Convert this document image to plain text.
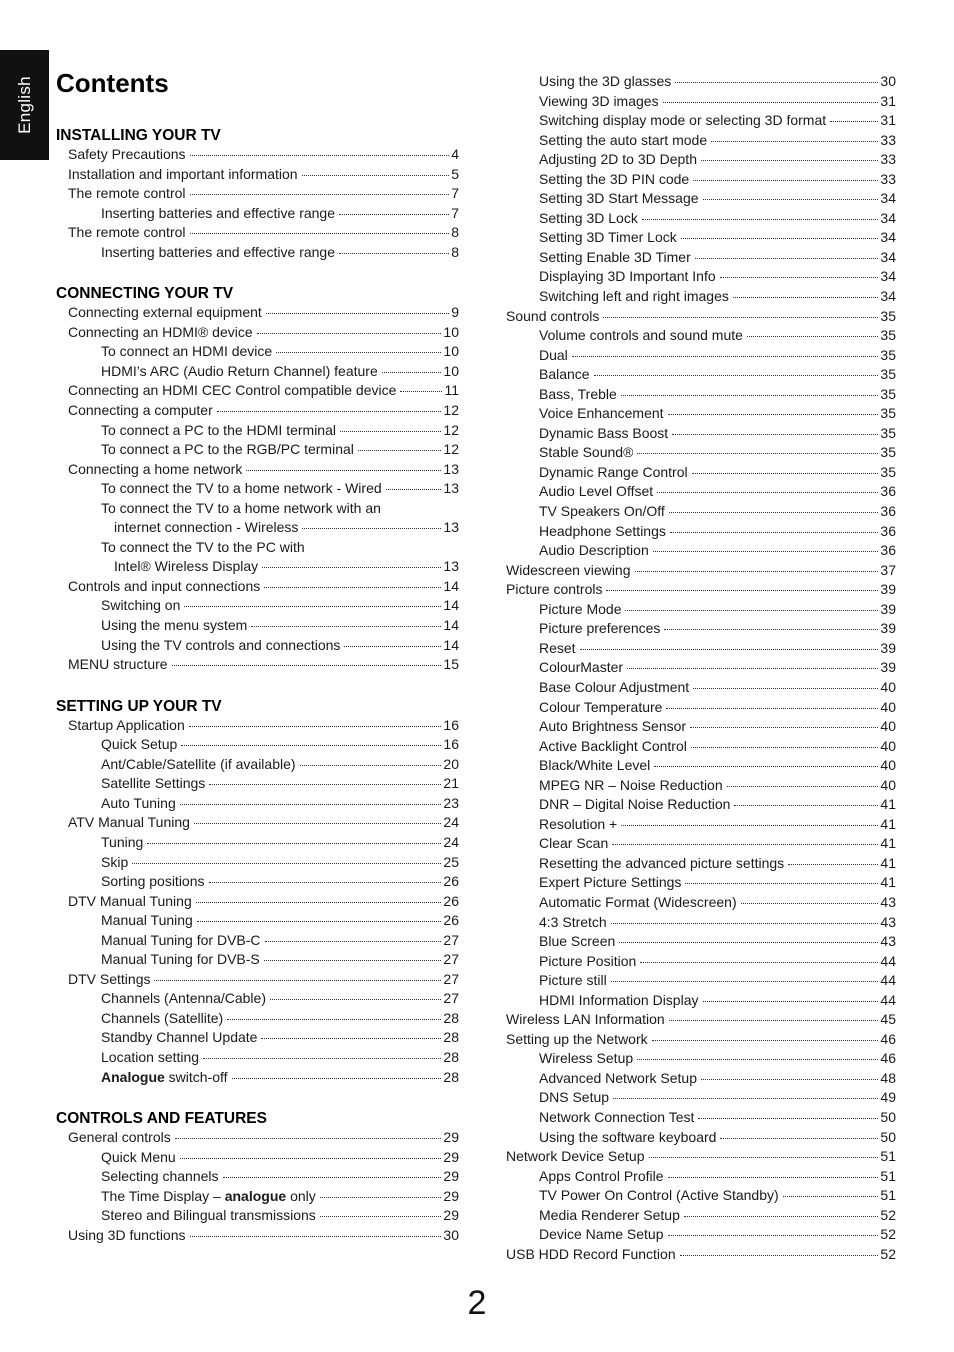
English Contents
INSTALLING YOUR TV
Safety Precautions	4
Installation and important information	5
The remote control	7
Inserting batteries and effective range	7
The remote control	8
Inserting batteries and effective range	8
CONNECTING YOUR TV
Connecting external equipment	9
Connecting an HDMI® device	10
To connect an HDMI device	10
HDMI’s ARC (Audio Return Channel) feature	10
Connecting an HDMI CEC Control compatible device	11
Connecting a computer	12
To connect a PC to the HDMI terminal	12
To connect a PC to the RGB/PC terminal	12
Connecting a home network	13
To connect the TV to a home network - Wired	13
To connect the TV to a home network with an
internet connection - Wireless	13
To connect the TV to the PC with
Intel® Wireless Display	13
Controls and input connections	14
Switching on	14
Using the menu system	14
Using the TV controls and connections	14
MENU structure	15
SETTING UP YOUR TV
Startup Application	16
Quick Setup	16
Ant/Cable/Satellite (if available)	20
Satellite Settings	21
Auto Tuning	23
ATV Manual Tuning	24
Tuning	24
Skip	25
Sorting positions	26
DTV Manual Tuning	26
Manual Tuning	26
Manual Tuning for DVB-C	27
Manual Tuning for DVB-S	27
DTV Settings	27
Channels (Antenna/Cable)	27
Channels (Satellite)	28
Standby Channel Update	28
Location setting	28
Analogue switch-off	28
CONTROLS AND FEATURES
General controls	29
Quick Menu	29
Selecting channels	29
The Time Display – analogue only	29
Stereo and Bilingual transmissions	29
Using 3D functions	30
Using the 3D glasses	30
Viewing 3D images	31
Switching display mode or selecting 3D format	31
Setting the auto start mode	33
Adjusting 2D to 3D Depth	33
Setting the 3D PIN code	33
Setting 3D Start Message	34
Setting 3D Lock	34
Setting 3D Timer Lock	34
Setting Enable 3D Timer	34
Displaying 3D Important Info	34
Switching left and right images	34
Sound controls	35
Volume controls and sound mute	35
Dual	35
Balance	35
Bass, Treble	35
Voice Enhancement	35
Dynamic Bass Boost	35
Stable Sound®	35
Dynamic Range Control	35
Audio Level Offset	36
TV Speakers On/Off	36
Headphone Settings	36
Audio Description	36
Widescreen viewing	37
Picture controls	39
Picture Mode	39
Picture preferences	39
Reset	39
ColourMaster	39
Base Colour Adjustment	40
Colour Temperature	40
Auto Brightness Sensor	40
Active Backlight Control	40
Black/White Level	40
MPEG NR – Noise Reduction	40
DNR – Digital Noise Reduction	41
Resolution +	41
Clear Scan	41
Resetting the advanced picture settings	41
Expert Picture Settings	41
Automatic Format (Widescreen)	43
4:3 Stretch	43
Blue Screen	43
Picture Position	44
Picture still	44
HDMI Information Display	44
Wireless LAN Information	45
Setting up the Network	46
Wireless Setup	46
Advanced Network Setup	48
DNS Setup	49
Network Connection Test	50
Using the software keyboard	50
Network Device Setup	51
Apps Control Profile	51
TV Power On Control (Active Standby)	51
Media Renderer Setup	52
Device Name Setup	52
USB HDD Record Function	52
2
